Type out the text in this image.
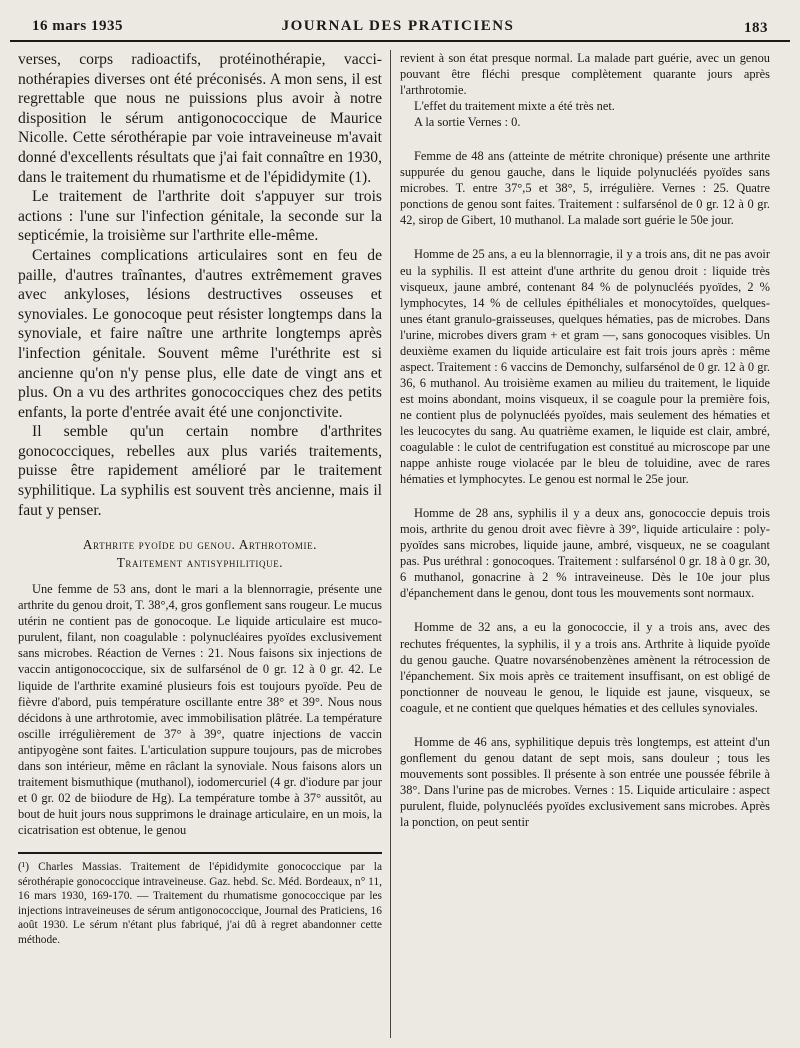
16 mars 1935	JOURNAL DES PRATICIENS	183

verses, corps radioactifs, protéinothérapie, vaccinothérapies diverses ont été préconisés. A mon sens, il est regrettable que nous ne puissions plus avoir à notre disposition le sérum antigonococcique de Maurice Nicolle. Cette sérothérapie par voie intraveineuse m'avait donné d'excellents résultats que j'ai fait connaître en 1930, dans le traitement du rhumatisme et de l'épididymite (1).

Le traitement de l'arthrite doit s'appuyer sur trois actions : l'une sur l'infection génitale, la seconde sur la septicémie, la troisième sur l'arthrite elle-même.

Certaines complications articulaires sont en feu de paille, d'autres traînantes, d'autres extrêmement graves avec ankyloses, lésions destructives osseuses et synoviales. Le gonocoque peut résister longtemps dans la synoviale, et faire naître une arthrite longtemps après l'infection génitale. Souvent même l'uréthrite est si ancienne qu'on n'y pense plus, elle date de vingt ans et plus. On a vu des arthrites gonococciques chez des petits enfants, la porte d'entrée avait été une conjonctivite.

Il semble qu'un certain nombre d'arthrites gonococciques, rebelles aux plus variés traitements, puisse être rapidement amélioré par le traitement syphilitique. La syphilis est souvent très ancienne, mais il faut y penser.

Arthrite pyoïde du genou. Arthrotomie.
Traitement antisyphilitique.

Une femme de 53 ans, dont le mari a la blennorragie, présente une arthrite du genou droit, T. 38°,4, gros gonflement sans rougeur. Le mucus utérin ne contient pas de gonocoque. Le liquide articulaire est muco-purulent, filant, non coagulable : polynucléaires pyoïdes exclusivement sans microbes. Réaction de Vernes : 21. Nous faisons six injections de vaccin antigonococcique, six de sulfarsénol de 0 gr. 12 à 0 gr. 42. Le liquide de l'arthrite examiné plusieurs fois est toujours pyoïde. Peu de fièvre d'abord, puis température oscillante entre 38° et 39°. Nous nous décidons à une arthrotomie, avec immobilisation plâtrée. La température oscille irrégulièrement de 37° à 39°, quatre injections de vaccin antipyogène sont faites. L'articulation suppure toujours, pas de microbes dans son intérieur, même en râclant la synoviale. Nous faisons alors un traitement bismuthique (muthanol), iodomercuriel (4 gr. d'iodure par jour et 0 gr. 02 de biiodure de Hg). La température tombe à 37° aussitôt, au bout de huit jours nous supprimons le drainage articulaire, en un mois, la cicatrisation est obtenue, le genou

(¹) Charles Massias. Traitement de l'épididymite gonococcique par la sérothérapie gonococcique intraveineuse. Gaz. hebd. Sc. Méd. Bordeaux, n° 11, 16 mars 1930, 169-170. — Traitement du rhumatisme gonococcique par les injections intraveineuses de sérum antigonococcique, Journal des Praticiens, 16 août 1930. Le sérum n'étant plus fabriqué, j'ai dû à regret abandonner cette méthode.

revient à son état presque normal. La malade part guérie, avec un genou pouvant être fléchi presque complètement quarante jours après l'arthrotomie.

L'effet du traitement mixte a été très net.

A la sortie Vernes : 0.

Femme de 48 ans (atteinte de métrite chronique) présente une arthrite suppurée du genou gauche, dans le liquide polynucléés pyoïdes sans microbes. T. entre 37°,5 et 38°, 5, irrégulière. Vernes : 25. Quatre ponctions de genou sont faites. Traitement : sulfarsénol de 0 gr. 12 à 0 gr. 42, sirop de Gibert, 10 muthanol. La malade sort guérie le 50e jour.

Homme de 25 ans, a eu la blennorragie, il y a trois ans, dit ne pas avoir eu la syphilis. Il est atteint d'une arthrite du genou droit : liquide très visqueux, jaune ambré, contenant 84 % de polynucléés pyoïdes, 2 % lymphocytes, 14 % de cellules épithéliales et monocytoïdes, quelques-unes étant granulo-graisseuses, quelques hématies, pas de microbes. Dans l'urine, microbes divers gram + et gram —, sans gonocoques visibles. Un deuxième examen du liquide articulaire est fait trois jours après : même aspect. Traitement : 6 vaccins de Demonchy, sulfarsénol de 0 gr. 12 à 0 gr. 36, 6 muthanol. Au troisième examen au milieu du traitement, le liquide est moins abondant, moins visqueux, il se coagule pour la première fois, ne contient plus de polynucléés pyoïdes, mais seulement des hématies et les leucocytes du sang. Au quatrième examen, le liquide est clair, ambré, coagulable : le culot de centrifugation est constitué au microscope par une nappe anhiste rouge violacée par le bleu de toluidine, avec de rares hématies et lymphocytes. Le genou est normal le 25e jour.

Homme de 28 ans, syphilis il y a deux ans, gonococcie depuis trois mois, arthrite du genou droit avec fièvre à 39°, liquide articulaire : poly-pyoïdes sans microbes, liquide jaune, ambré, visqueux, ne se coagulant pas. Pus uréthral : gonocoques. Traitement : sulfarsénol 0 gr. 18 à 0 gr. 30, 6 muthanol, gonacrine à 2 % intraveineuse. Dès le 10e jour plus d'épanchement dans le genou, dont tous les mouvements sont normaux.

Homme de 32 ans, a eu la gonococcie, il y a trois ans, avec des rechutes fréquentes, la syphilis, il y a trois ans. Arthrite à liquide pyoïde du genou gauche. Quatre novarsénobenzènes amènent la rétrocession de l'épanchement. Six mois après ce traitement insuffisant, on est obligé de ponctionner de nouveau le genou, le liquide est jaune, visqueux, se coagule, et ne contient que quelques hématies et des cellules synoviales.

Homme de 46 ans, syphilitique depuis très longtemps, est atteint d'un gonflement du genou datant de sept mois, sans douleur ; tous les mouvements sont possibles. Il présente à son entrée une poussée fébrile à 38°. Dans l'urine pas de microbes. Vernes : 15. Liquide articulaire : aspect purulent, fluide, polynucléés pyoïdes exclusivement sans microbes. Après la ponction, on peut sentir
